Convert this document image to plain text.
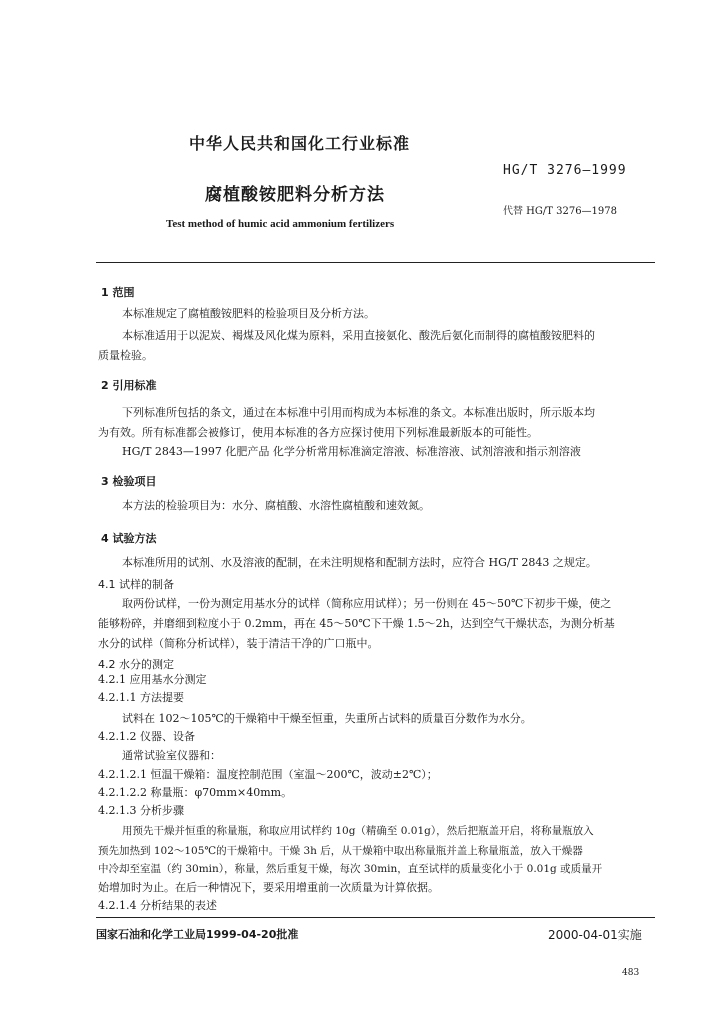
中华人民共和国化工行业标准
HG/T 3276—1999
腐植酸铵肥料分析方法
代替 HG/T 3276—1978
Test method of humic acid ammonium fertilizers
1 范围
本标准规定了腐植酸铵肥料的检验项目及分析方法。
本标准适用于以泥炭、褐煤及风化煤为原料，采用直接氨化、酸洗后氨化而制得的腐植酸铵肥料的
质量检验。
2 引用标准
下列标准所包括的条文，通过在本标准中引用而构成为本标准的条文。本标准出版时，所示版本均
为有效。所有标准都会被修订，使用本标准的各方应探讨使用下列标准最新版本的可能性。
HG/T 2843—1997 化肥产品 化学分析常用标准滴定溶液、标准溶液、试剂溶液和指示剂溶液
3 检验项目
本方法的检验项目为：水分、腐植酸、水溶性腐植酸和速效氮。
4 试验方法
本标准所用的试剂、水及溶液的配制，在未注明规格和配制方法时，应符合 HG/T 2843 之规定。
4.1 试样的制备
取两份试样，一份为测定用基水分的试样（简称应用试样）；另一份则在 45～50℃下初步干燥，使之
能够粉碎，并磨细到粒度小于 0.2mm，再在 45～50℃下干燥 1.5～2h，达到空气干燥状态，为测分析基
水分的试样（简称分析试样），装于清洁干净的广口瓶中。
4.2 水分的测定
4.2.1 应用基水分测定
4.2.1.1 方法提要
试料在 102～105℃的干燥箱中干燥至恒重，失重所占试料的质量百分数作为水分。
4.2.1.2 仪器、设备
通常试验室仪器和：
4.2.1.2.1 恒温干燥箱：温度控制范围（室温～200℃，波动±2℃）；
4.2.1.2.2 称量瓶：φ70mm×40mm。
4.2.1.3 分析步骤
用预先干燥并恒重的称量瓶，称取应用试样约 10g（精确至 0.01g），然后把瓶盖开启，将称量瓶放入
预先加热到 102～105℃的干燥箱中。干燥 3h 后，从干燥箱中取出称量瓶并盖上称量瓶盖，放入干燥器
中冷却至室温（约 30min），称量，然后重复干燥，每次 30min，直至试样的质量变化小于 0.01g 或质量开
始增加时为止。在后一种情况下，要采用增重前一次质量为计算依据。
4.2.1.4 分析结果的表述
国家石油和化学工业局1999-04-20批准	2000-04-01实施
483
